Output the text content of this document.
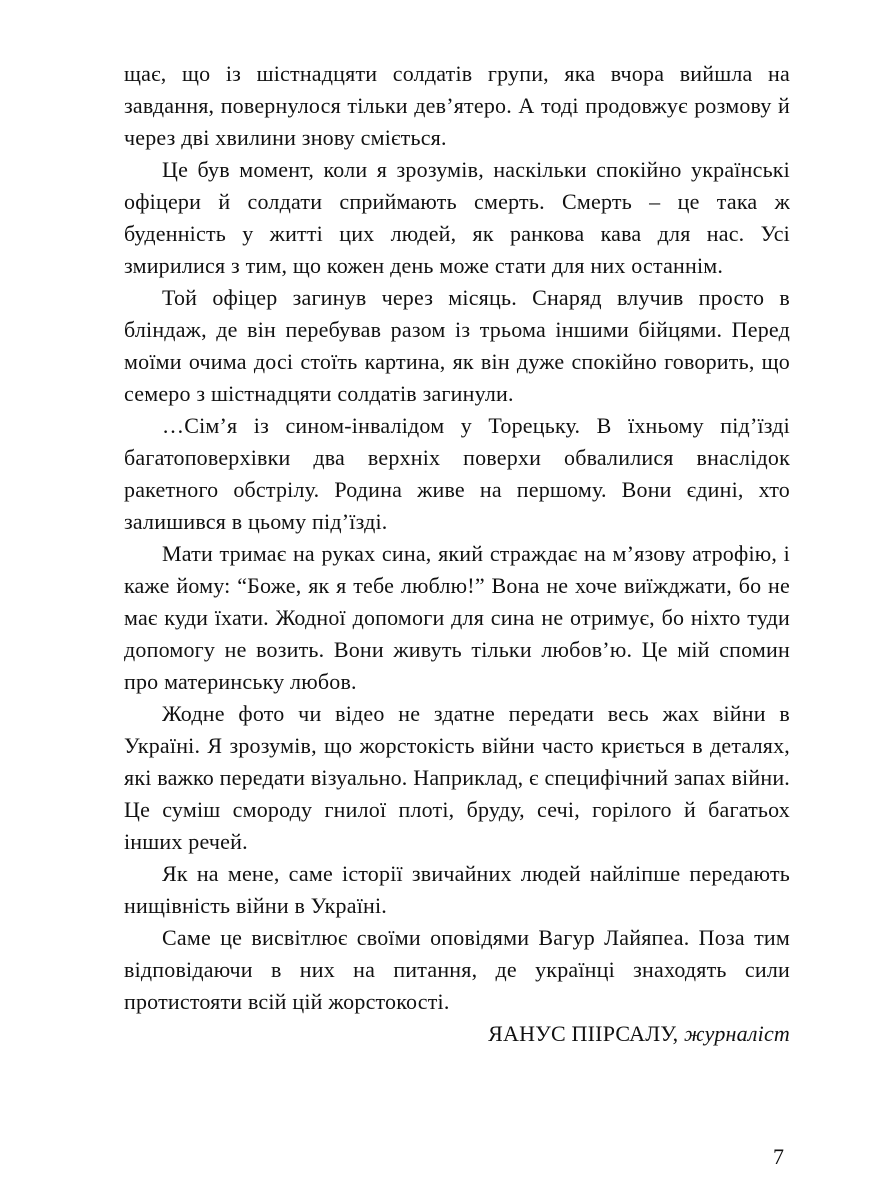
щає, що із шістнадцяти солдатів групи, яка вчора вийшла на завдання, повернулося тільки дев’ятеро. А тоді продовжує розмову й через дві хвилини знову сміється.

Це був момент, коли я зрозумів, наскільки спокійно українські офіцери й солдати сприймають смерть. Смерть – це така ж буденність у житті цих людей, як ранкова кава для нас. Усі змирилися з тим, що кожен день може стати для них останнім.

Той офіцер загинув через місяць. Снаряд влучив просто в бліндаж, де він перебував разом із трьома іншими бійцями. Перед моїми очима досі стоїть картина, як він дуже спокійно говорить, що семеро з шістнадцяти солдатів загинули.

…Сім’я із сином-інвалідом у Торецьку. В їхньому під’їзді багатоповерхівки два верхніх поверхи обвалилися внаслідок ракетного обстрілу. Родина живе на першому. Вони єдині, хто залишився в цьому під’їзді.

Мати тримає на руках сина, який страждає на м’язову атрофію, і каже йому: “Боже, як я тебе люблю!” Вона не хоче виїжджати, бо не має куди їхати. Жодної допомоги для сина не отримує, бо ніхто туди допомогу не возить. Вони живуть тільки любов’ю. Це мій спомин про материнську любов.

Жодне фото чи відео не здатне передати весь жах війни в Україні. Я зрозумів, що жорстокість війни часто криється в деталях, які важко передати візуально. Наприклад, є специфічний запах війни. Це суміш смороду гнилої плоті, бруду, сечі, горілого й багатьох інших речей.

Як на мене, саме історії звичайних людей найліпше передають нищівність війни в Україні.

Саме це висвітлює своїми оповідями Вагур Лайяпеа. Поза тим відповідаючи в них на питання, де українці знаходять сили протистояти всій цій жорстокості.

ЯАНУС ПІІРСАЛУ, журналіст

7
